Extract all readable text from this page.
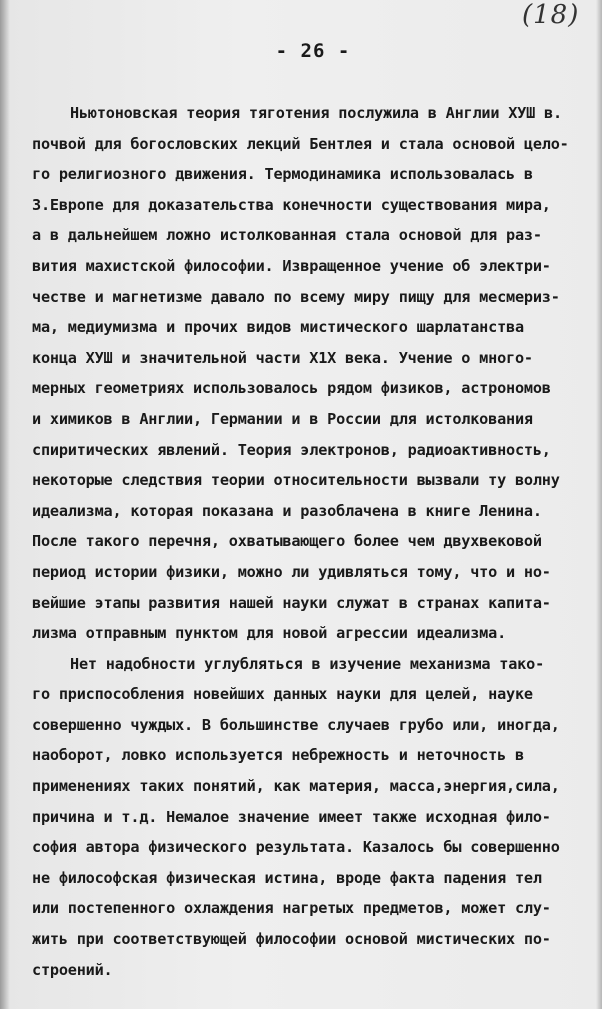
(18)
- 26 -
Ньютоновская теория тяготения послужила в Англии ХУШ в.
почвой для богословских лекций Бентлея и стала основой цело-
го религиозного движения. Термодинамика использовалась в
З.Европе для доказательства конечности существования мира,
а в дальнейшем ложно истолкованная стала основой для раз-
вития махистской философии. Извращенное учение об электри-
честве и магнетизме давало по всему миру пищу для месмериз-
ма, медиумизма и прочих видов мистического шарлатанства
конца ХУШ и значительной части Х1Х века. Учение о много-
мерных геометриях использовалось рядом физиков, астрономов
и химиков в Англии, Германии и в России для истолкования
спиритических явлений. Теория электронов, радиоактивность,
некоторые следствия теории относительности вызвали ту волну
идеализма, которая показана и разоблачена в книге Ленина.
После такого перечня, охватывающего более чем двухвековой
период истории физики, можно ли удивляться тому, что и но-
вейшие этапы развития нашей науки служат в странах капита-
лизма отправным пунктом для новой агрессии идеализма.
Нет надобности углубляться в изучение механизма тако-
го приспособления новейших данных науки для целей, науке
совершенно чуждых. В большинстве случаев грубо или, иногда,
наоборот, ловко используется небрежность и неточность в
применениях таких понятий, как материя, масса,энергия,сила,
причина и т.д. Немалое значение имеет также исходная фило-
софия автора физического результата. Казалось бы совершенно
не философская физическая истина, вроде факта падения тел
или постепенного охлаждения нагретых предметов, может слу-
жить при соответствующей философии основой мистических по-
строений.
